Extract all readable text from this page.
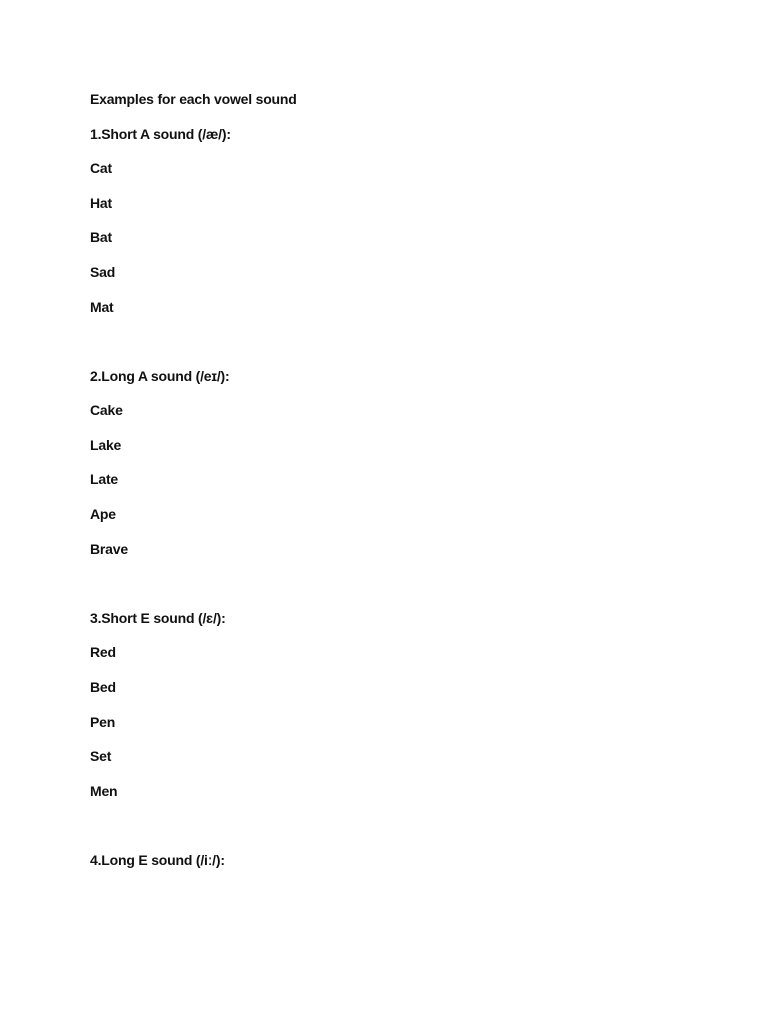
Examples for each vowel sound
1.Short A sound (/æ/):
Cat
Hat
Bat
Sad
Mat
2.Long A sound (/eɪ/):
Cake
Lake
Late
Ape
Brave
3.Short E sound (/ɛ/):
Red
Bed
Pen
Set
Men
4.Long E sound (/iː/):
